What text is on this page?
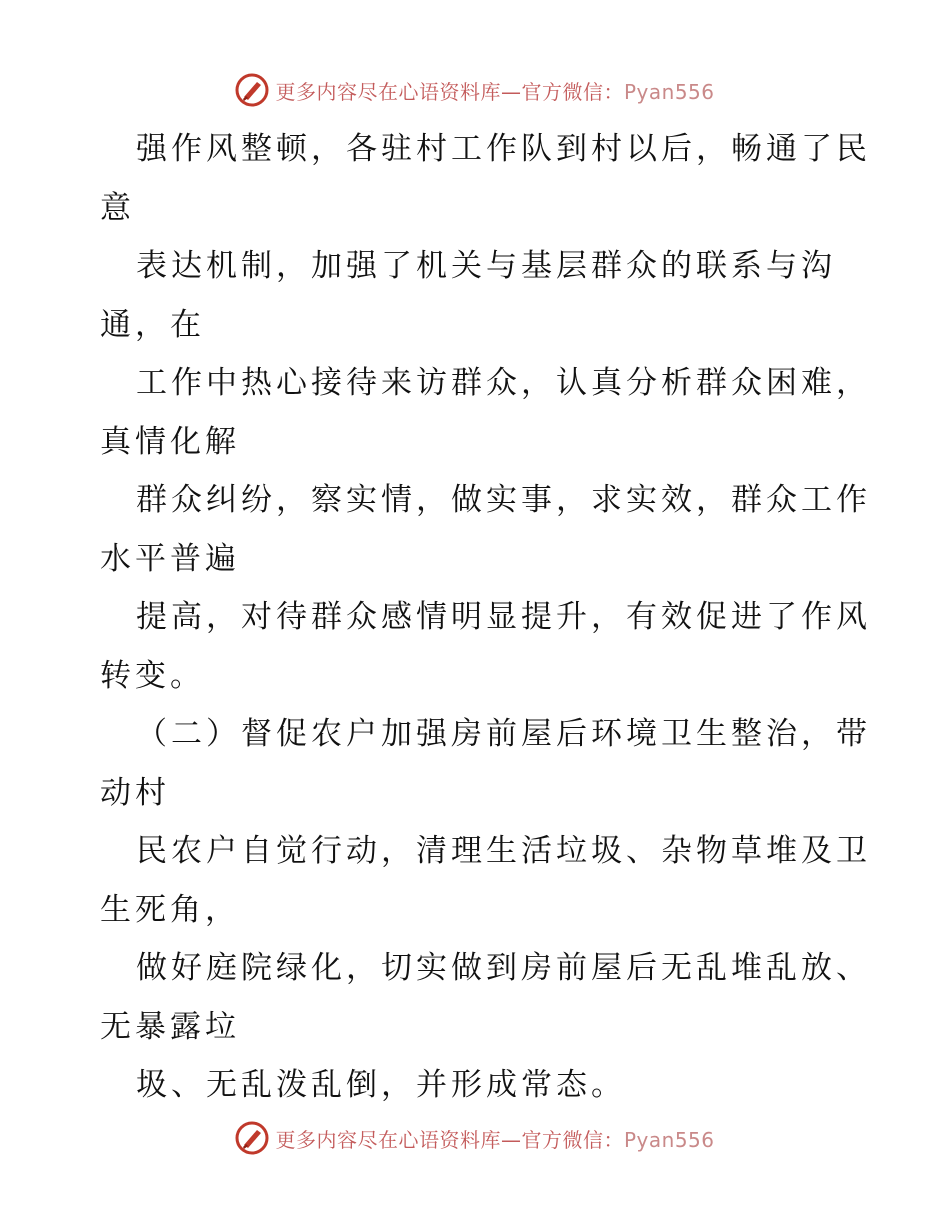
更多内容尽在心语资料库—官方微信：Pyan556
强作风整顿，各驻村工作队到村以后，畅通了民
意
表达机制，加强了机关与基层群众的联系与沟
通，在
工作中热心接待来访群众，认真分析群众困难，
真情化解
群众纠纷，察实情，做实事，求实效，群众工作
水平普遍
提高，对待群众感情明显提升，有效促进了作风
转变。
（二）督促农户加强房前屋后环境卫生整治，带
动村
民农户自觉行动，清理生活垃圾、杂物草堆及卫
生死角，
做好庭院绿化，切实做到房前屋后无乱堆乱放、
无暴露垃
圾、无乱泼乱倒，并形成常态。
更多内容尽在心语资料库—官方微信：Pyan556
